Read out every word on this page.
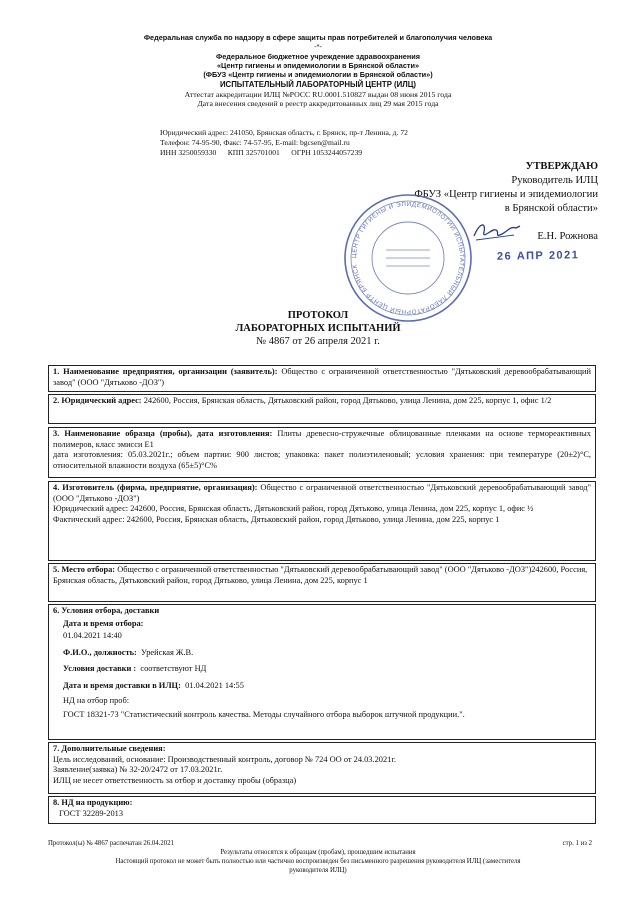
Федеральная служба по надзору в сфере защиты прав потребителей и благополучия человека
-*-
Федеральное бюджетное учреждение здравоохранения
«Центр гигиены и эпидемиологии в Брянской области»
(ФБУЗ «Центр гигиены и эпидемиологии в Брянской области»)
ИСПЫТАТЕЛЬНЫЙ ЛАБОРАТОРНЫЙ ЦЕНТР (ИЛЦ)
Аттестат аккредитации ИЛЦ №РОСС RU.0001.510827 выдан 08 июня 2015 года
Дата внесения сведений в реестр аккредитованных лиц 29 мая 2015 года
Юридический адрес: 241050, Брянская область, г. Брянск, пр-т Ленина, д. 72
Телефон: 74-95-90, Факс: 74-57-95, E-mail: bgcsen@mail.ru
ИНН 3250059330      КПП 325701001      ОГРН 1053244057239
УТВЕРЖДАЮ
Руководитель ИЛЦ
ФБУЗ «Центр гигиены и эпидемиологии
в Брянской области»
Е.Н. Рожнова
ЦЕНТР ГИГИЕНЫ И ЭПИДЕМИОЛОГИИ ИСПЫТАТЕЛЬНЫЙ ЛАБОРАТОРНЫЙ ЦЕНТР БРЯНСК
26 АПР 2021
ПРОТОКОЛ
ЛАБОРАТОРНЫХ ИСПЫТАНИЙ
№ 4867 от 26 апреля 2021 г.

1. Наименование предприятия, организации (заявитель): Общество с ограниченной ответственностью "Дятьковский деревообрабатывающий завод" (ООО "Дятьково -ДОЗ")

2. Юридический адрес: 242600, Россия, Брянская область, Дятьковский район, город Дятьково, улица Ленина, дом 225, корпус 1, офис 1/2

3. Наименование образца (пробы), дата изготовления: Плиты древесно-стружечные облицованные пленками на основе термореактивных полимеров, класс эмисси Е1

дата изготовления: 05.03.2021г.; объем партии: 900 листов; упаковка: пакет полиэтиленовый; условия хранения: при температуре (20±2)°С, относительной влажности воздуха (65±5)°С%

4. Изготовитель (фирма, предприятие, организация): Общество с ограниченной ответственностью "Дятьковский деревообрабатывающий завод" (ООО "Дятьково -ДОЗ")

Юридический адрес: 242600, Россия, Брянская область, Дятьковский район, город Дятьково, улица Ленина, дом 225, корпус 1, офис ½

Фактический адрес: 242600, Россия, Брянская область, Дятьковский район, город Дятьково, улица Ленина, дом 225, корпус 1

5. Место отбора: Общество с ограниченной ответственностью "Дятьковский деревообрабатывающий завод" (ООО "Дятьково -ДОЗ")242600, Россия, Брянская область, Дятьковский район, город Дятьково, улица Ленина, дом 225, корпус 1

6. Условия отбора, доставки

Дата и время отбора:

01.04.2021 14:40

Ф.И.О., должность:  Урейская Ж.В.

Условия доставки :  соответствуют НД

Дата и время доставки в ИЛЦ:  01.04.2021 14:55

НД на отбор проб:

ГОСТ 18321-73 "Статистический контроль качества. Методы случайного отбора выборок штучной продукции.".

7. Дополнительные сведения:

Цель исследований, основание: Производственный контроль, договор № 724 ОО от 24.03.2021г.

Заявление(заявка) № 32-20/2472 от 17.03.2021г.

ИЛЦ не несет ответственность за отбор и доставку пробы (образца)

8. НД на продукцию:

ГОСТ 32289-2013

Протокол(ы) № 4867 распечатан 26.04.2021	стр. 1 из 2
Результаты относятся к образцам (пробам), прошедшим испытания
Настоящий протокол не может быть полностью или частично воспроизведен без письменного разрешения руководителя ИЛЦ (заместителя
руководителя ИЛЦ)
